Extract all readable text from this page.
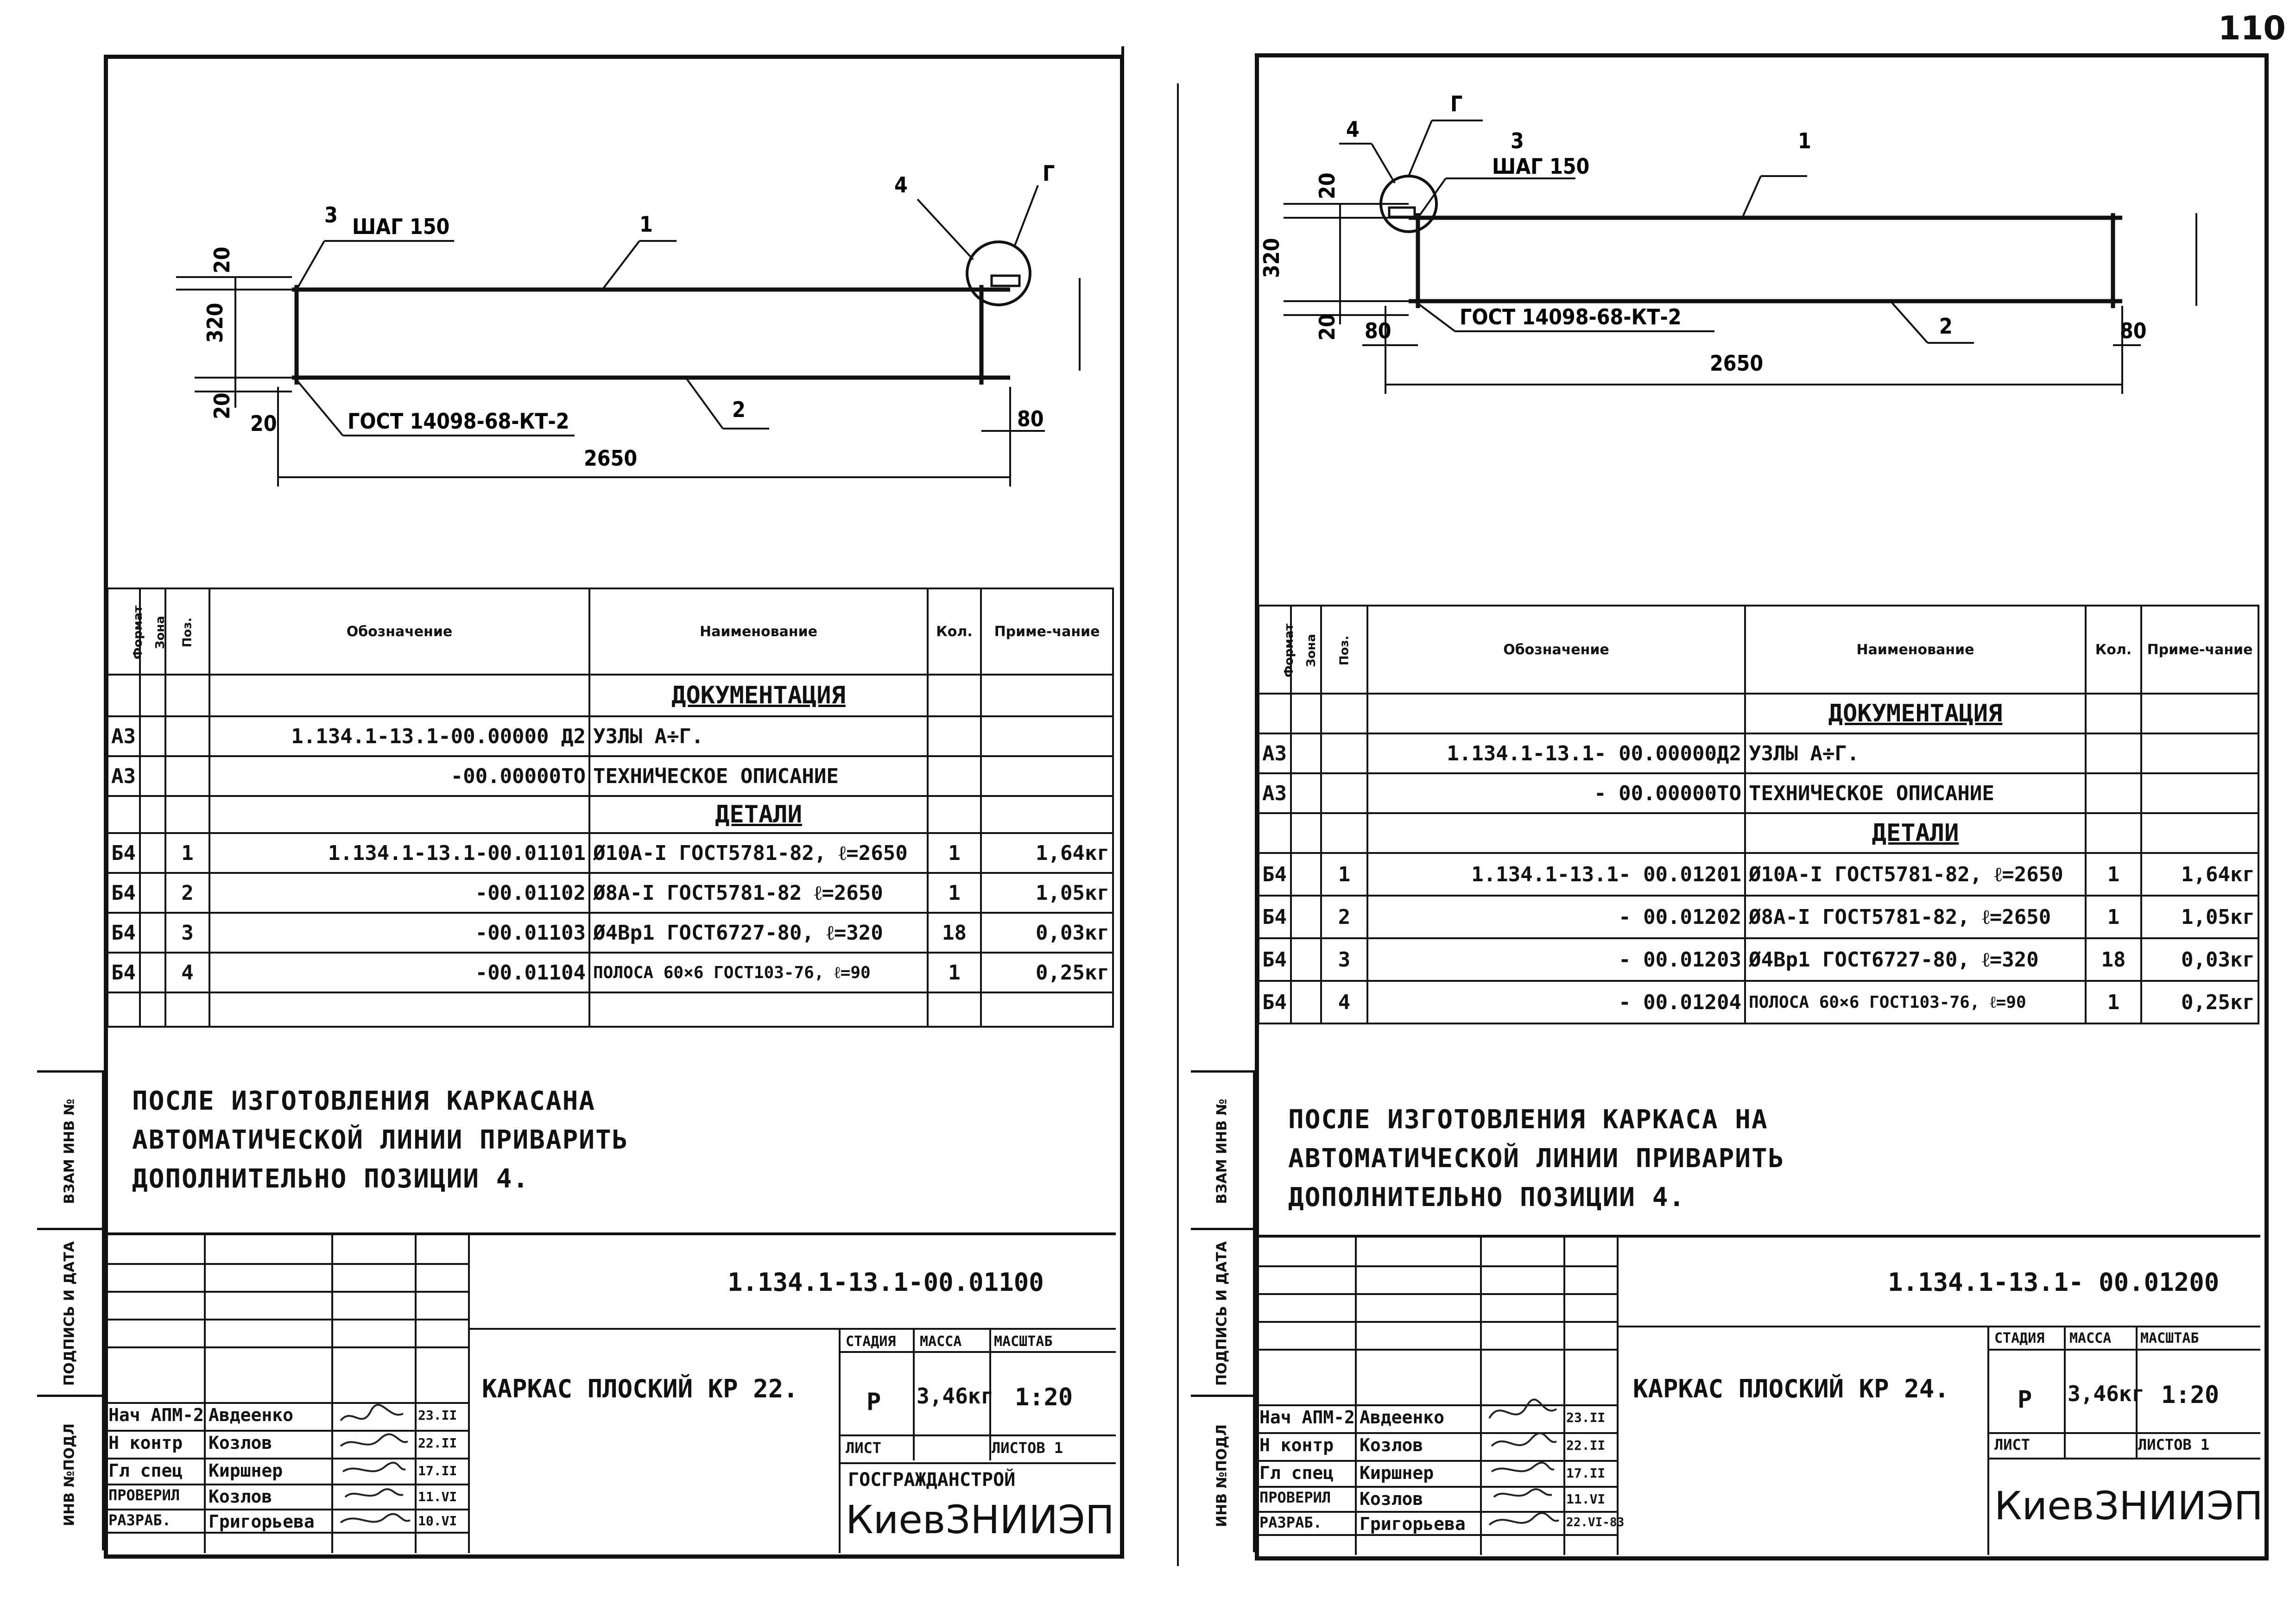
110
3 ШАГ 150	1
4	Г
2
ГОСТ 14098-68-КТ-2
2650
80
20
320
20
20
Формат	Зона	Поз.	Обозначение	Наименование	Кол.	Приме-чание
				ДОКУМЕНТАЦИЯ		
А3			1.134.1-13.1-00.00000 Д2	УЗЛЫ А÷Г.		
А3			-00.00000ТО	ТЕХНИЧЕСКОЕ ОПИСАНИЕ		
				ДЕТАЛИ		
Б4		1	1.134.1-13.1-00.01101	Ø10А-I ГОСТ5781-82, ℓ=2650	1	1,64кг
Б4		2	-00.01102	Ø8А-I ГОСТ5781-82 ℓ=2650	1	1,05кг
Б4		3	-00.01103	Ø4Вр1 ГОСТ6727-80, ℓ=320	18	0,03кг
Б4		4	-00.01104	ПОЛОСА 60×6 ГОСТ103-76, ℓ=90	1	0,25кг

ПОСЛЕ ИЗГОТОВЛЕНИЯ КАРКАСАНА
АВТОМАТИЧЕСКОЙ ЛИНИИ ПРИВАРИТЬ
ДОПОЛНИТЕЛЬНО ПОЗИЦИИ 4.
ВЗАМ ИНВ №
ПОДПИСЬ И ДАТА
ИНВ №ПОДЛ
1.134.1-13.1-00.01100
КАРКАС ПЛОСКИЙ КР 22.
СТАДИЯ МАССА МАСШТАБ
Р 3,46кг 1:20
ЛИСТ	ЛИСТОВ 1
ГОСГРАЖДАНСТРОЙ
КиевЗНИИЭП
Нач АПМ-2 Авдеенко
Н контр Козлов
Гл спец Киршнер
ПРОВЕРИЛ Козлов
РАЗРАБ. Григорьева
23.II
22.II
17.II
11.VI
10.VI
3
ШАГ 150
1
4
Г
2
ГОСТ 14098-68-КТ-2
2650
80
80
320
20
20
Формат	Зона	Поз.	Обозначение	Наименование	Кол.	Приме-чание
				ДОКУМЕНТАЦИЯ		
А3			1.134.1-13.1- 00.00000Д2	УЗЛЫ А÷Г.		
А3			- 00.00000ТО	ТЕХНИЧЕСКОЕ ОПИСАНИЕ		
				ДЕТАЛИ		
Б4		1	1.134.1-13.1- 00.01201	Ø10А-I ГОСТ5781-82, ℓ=2650	1	1,64кг
Б4		2	- 00.01202	Ø8А-I ГОСТ5781-82, ℓ=2650	1	1,05кг
Б4		3	- 00.01203	Ø4Вр1 ГОСТ6727-80, ℓ=320	18	0,03кг
Б4		4	- 00.01204	ПОЛОСА 60×6 ГОСТ103-76, ℓ=90	1	0,25кг
ПОСЛЕ ИЗГОТОВЛЕНИЯ КАРКАСА НА
АВТОМАТИЧЕСКОЙ ЛИНИИ ПРИВАРИТЬ
ДОПОЛНИТЕЛЬНО ПОЗИЦИИ 4.
ВЗАМ ИНВ №
ПОДПИСЬ И ДАТА
ИНВ №ПОДЛ
1.134.1-13.1- 00.01200
КАРКАС ПЛОСКИЙ КР 24.
СТАДИЯ МАССА МАСШТАБ
Р 3,46кг 1:20
ЛИСТ	ЛИСТОВ 1
КиевЗНИИЭП
Нач АПМ-2 Авдеенко
Н контр Козлов
Гл спец Киршнер
ПРОВЕРИЛ Козлов
РАЗРАБ. Григорьева
23.II
22.II
17.II
11.VI
22.VI-83
